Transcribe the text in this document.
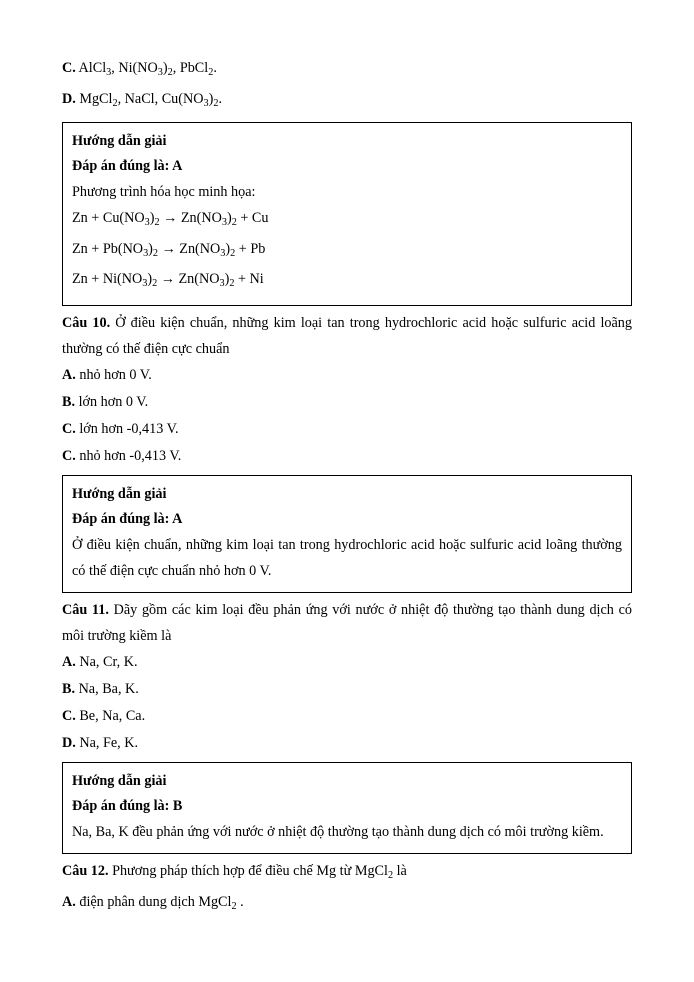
C. AlCl$_3$, $Ni(NO_3)_2$, PbCl$_2$.

D. MgCl$_2$, NaCl, $Cu(NO_3)_2$.

Hướng dẫn giải

Đáp án đúng là: A

Phương trình hóa học minh họa:

$Zn + Cu(NO_3)_2 \to Zn(NO_3)_2 + Cu$

$Zn + Pb(NO_3)_2 \to Zn(NO_3)_2 + Pb$

$Zn + Ni(NO_3)_2 \to Zn(NO_3)_2 + Ni$

Câu 10. Ở điều kiện chuẩn, những kim loại tan trong hydrochloric acid hoặc sulfuric acid loãng thường có thế điện cực chuẩn

A. nhỏ hơn 0 V.

B. lớn hơn 0 V.

C. lớn hơn -0,413 V.

C. nhỏ hơn -0,413 V.

Hướng dẫn giải

Đáp án đúng là: A

Ở điều kiện chuẩn, những kim loại tan trong hydrochloric acid hoặc sulfuric acid loãng thường có thế điện cực chuẩn nhỏ hơn 0 V.

Câu 11. Dãy gồm các kim loại đều phản ứng với nước ở nhiệt độ thường tạo thành dung dịch có môi trường kiềm là

A. Na, Cr, K.

B. Na, Ba, K.

C. Be, Na, Ca.

D. Na, Fe, K.

Hướng dẫn giải

Đáp án đúng là: B

Na, Ba, K đều phản ứng với nước ở nhiệt độ thường tạo thành dung dịch có môi trường kiềm.

Câu 12. Phương pháp thích hợp để điều chế Mg từ MgCl$_2$ là

A. điện phân dung dịch MgCl$_2$ .
